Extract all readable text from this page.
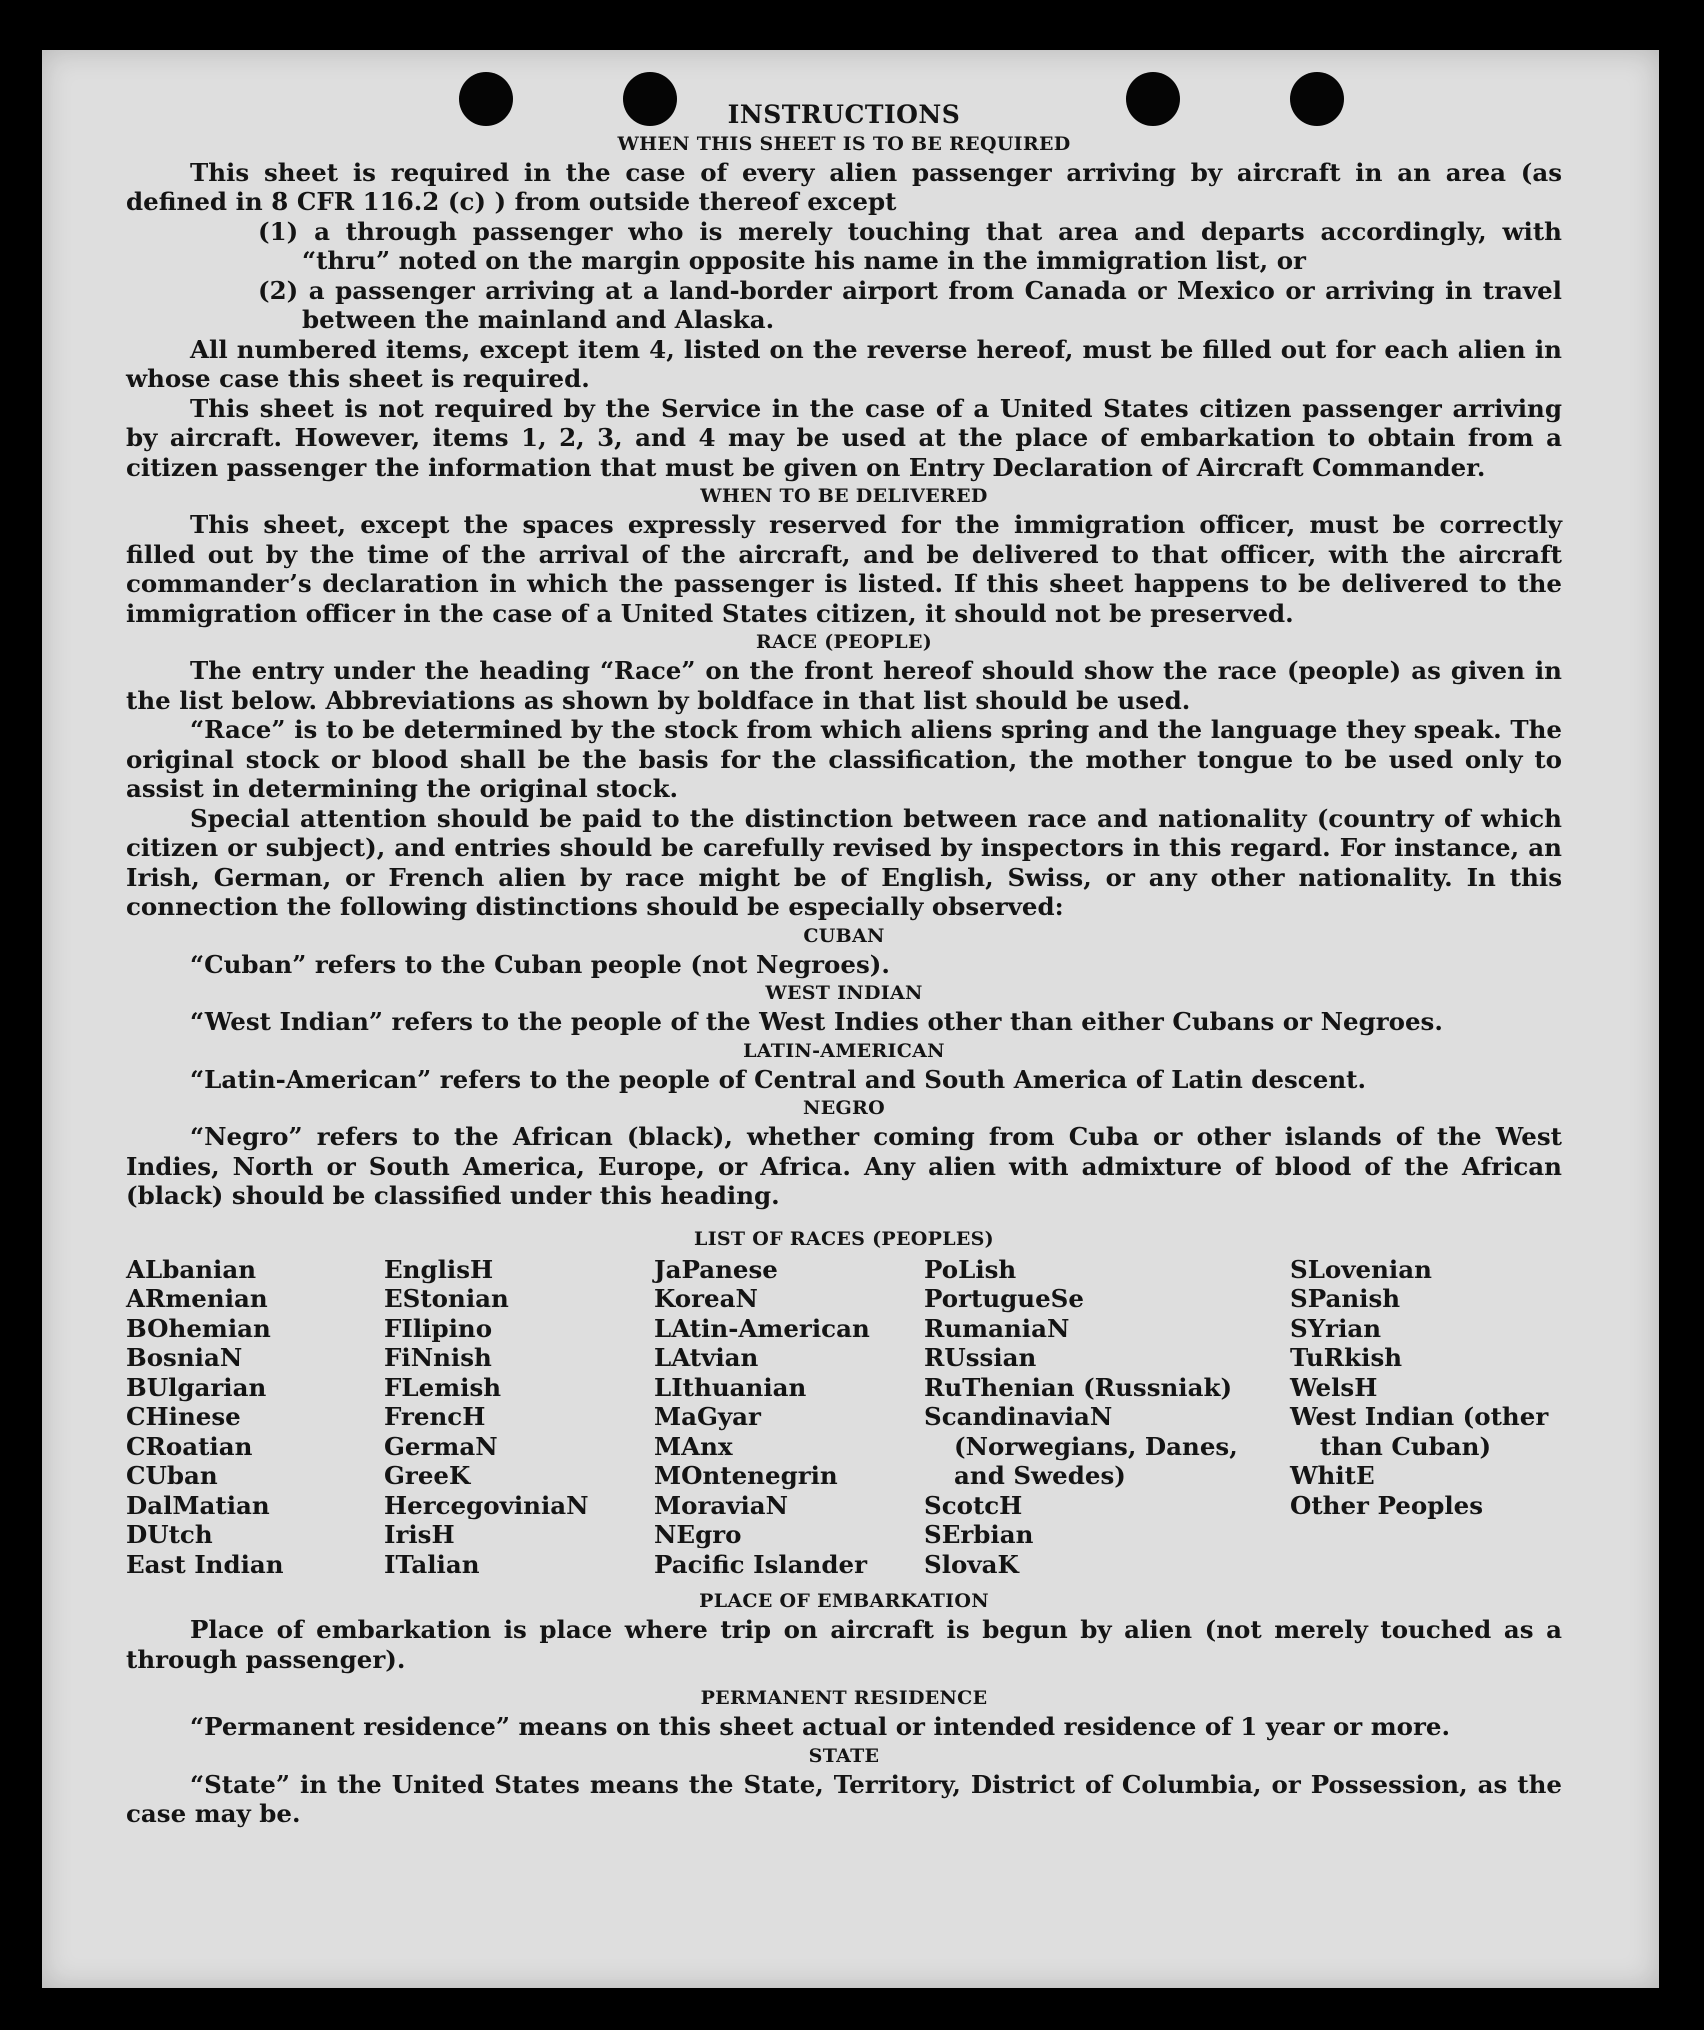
INSTRUCTIONS
WHEN THIS SHEET IS TO BE REQUIRED

This sheet is required in the case of every alien passenger arriving by aircraft in an area (as defined in 8 CFR 116.2 (c) ) from outside thereof except

(1) a through passenger who is merely touching that area and departs accordingly, with “thru” noted on the margin opposite his name in the immigration list, or

(2) a passenger arriving at a land-border airport from Canada or Mexico or arriving in travel between the mainland and Alaska.

All numbered items, except item 4, listed on the reverse hereof, must be filled out for each alien in whose case this sheet is required.

This sheet is not required by the Service in the case of a United States citizen passenger arriving by aircraft. However, items 1, 2, 3, and 4 may be used at the place of embarkation to obtain from a citizen passenger the information that must be given on Entry Declaration of Aircraft Commander.

WHEN TO BE DELIVERED

This sheet, except the spaces expressly reserved for the immigration officer, must be correctly filled out by the time of the arrival of the aircraft, and be delivered to that officer, with the aircraft commander’s declaration in which the passenger is listed. If this sheet happens to be delivered to the immigration officer in the case of a United States citizen, it should not be preserved.

RACE (PEOPLE)

The entry under the heading “Race” on the front hereof should show the race (people) as given in the list below. Abbreviations as shown by boldface in that list should be used.

“Race” is to be determined by the stock from which aliens spring and the language they speak. The original stock or blood shall be the basis for the classification, the mother tongue to be used only to assist in determining the original stock.

Special attention should be paid to the distinction between race and nationality (country of which citizen or subject), and entries should be carefully revised by inspectors in this regard. For instance, an Irish, German, or French alien by race might be of English, Swiss, or any other nationality. In this connection the following distinctions should be especially observed:

CUBAN

“Cuban” refers to the Cuban people (not Negroes).

WEST INDIAN

“West Indian” refers to the people of the West Indies other than either Cubans or Negroes.

LATIN-AMERICAN

“Latin-American” refers to the people of Central and South America of Latin descent.

NEGRO

“Negro” refers to the African (black), whether coming from Cuba or other islands of the West Indies, North or South America, Europe, or Africa. Any alien with admixture of blood of the African (black) should be classified under this heading.

LIST OF RACES (PEOPLES)
ALbanian
ARmenian
BOhemian
BosniaN
BUlgarian
CHinese
CRoatian
CUban
DalMatian
DUtch
East Indian
EnglisH
EStonian
FIlipino
FiNnish
FLemish
FrencH
GermaN
GreeK
HercegovinіaN
IrisH
ITalian
JaPanese
KoreaN
LAtin-American
LAtvian
LIthuanian
MaGyar
MAnx
MOntenegrin
MoraviaN
NEgro
Pacific Islander
PoLish
PortugueSe
RumaniaN
RUssian
RuThenian (Russniak)
ScandinaviaN (Norwegians, Danes, and Swedes)
ScotcH
SErbian
SlovaK
SLovenian
SPanish
SYrian
TuRkish
WelsH
West Indian (other than Cuban)
WhitE
Other Peoples
PLACE OF EMBARKATION

Place of embarkation is place where trip on aircraft is begun by alien (not merely touched as a through passenger).

PERMANENT RESIDENCE

“Permanent residence” means on this sheet actual or intended residence of 1 year or more.

STATE

“State” in the United States means the State, Territory, District of Columbia, or Possession, as the case may be.
